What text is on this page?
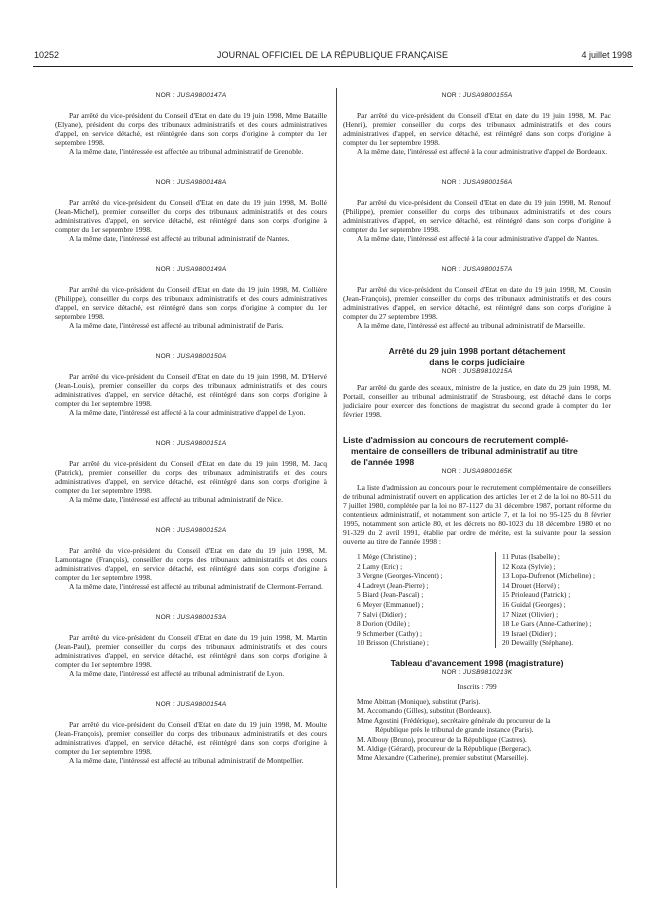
10252	JOURNAL OFFICIEL DE LA RÉPUBLIQUE FRANÇAISE	4 juillet 1998
NOR : JUSA9800147A

Par arrêté du vice-président du Conseil d'Etat en date du 19 juin 1998, Mme Bataille (Elyane), président du corps des tribunaux administratifs et des cours administratives d'appel, en service détaché, est réintégrée dans son corps d'origine à compter du 1er septembre 1998.

A la même date, l'intéressée est affectée au tribunal administratif de Grenoble.

NOR : JUSA9800148A

Par arrêté du vice-président du Conseil d'Etat en date du 19 juin 1998, M. Bollé (Jean-Michel), premier conseiller du corps des tribunaux administratifs et des cours administratives d'appel, en service détaché, est réintégré dans son corps d'origine à compter du 1er septembre 1998.

A la même date, l'intéressé est affecté au tribunal administratif de Nantes.

NOR : JUSA9800149A

Par arrêté du vice-président du Conseil d'Etat en date du 19 juin 1998, M. Collière (Philippe), conseiller du corps des tribunaux administratifs et des cours administratives d'appel, en service détaché, est réintégré dans son corps d'origine à compter du 1er septembre 1998.

A la même date, l'intéressé est affecté au tribunal administratif de Paris.

NOR : JUSA9800150A

Par arrêté du vice-président du Conseil d'Etat en date du 19 juin 1998, M. D'Hervé (Jean-Louis), premier conseiller du corps des tribunaux administratifs et des cours administratives d'appel, en service détaché, est réintégré dans son corps d'origine à compter du 1er septembre 1998.

A la même date, l'intéressé est affecté à la cour administrative d'appel de Lyon.

NOR : JUSA9800151A

Par arrêté du vice-président du Conseil d'Etat en date du 19 juin 1998, M. Jacq (Patrick), premier conseiller du corps des tribunaux administratifs et des cours administratives d'appel, en service détaché, est réintégré dans son corps d'origine à compter du 1er septembre 1998.

A la même date, l'intéressé est affecté au tribunal administratif de Nice.

NOR : JUSA9800152A

Par arrêté du vice-président du Conseil d'Etat en date du 19 juin 1998, M. Lamontagne (François), conseiller du corps des tribunaux administratifs et des cours administratives d'appel, en service détaché, est réintégré dans son corps d'origine à compter du 1er septembre 1998.

A la même date, l'intéressé est affecté au tribunal administratif de Clermont-Ferrand.

NOR : JUSA9800153A

Par arrêté du vice-président du Conseil d'Etat en date du 19 juin 1998, M. Martin (Jean-Paul), premier conseiller du corps des tribunaux administratifs et des cours administratives d'appel, en service détaché, est réintégré dans son corps d'origine à compter du 1er septembre 1998.

A la même date, l'intéressé est affecté au tribunal administratif de Lyon.

NOR : JUSA9800154A

Par arrêté du vice-président du Conseil d'Etat en date du 19 juin 1998, M. Moulte (Jean-François), premier conseiller du corps des tribunaux administratifs et des cours administratives d'appel, en service détaché, est réintégré dans son corps d'origine à compter du 1er septembre 1998.

A la même date, l'intéressé est affecté au tribunal administratif de Montpellier.

NOR : JUSA9800155A

Par arrêté du vice-président du Conseil d'Etat en date du 19 juin 1998, M. Pac (Henri), premier conseiller du corps des tribunaux administratifs et des cours administratives d'appel, en service détaché, est réintégré dans son corps d'origine à compter du 1er septembre 1998.

A la même date, l'intéressé est affecté à la cour administrative d'appel de Bordeaux.

NOR : JUSA9800156A

Par arrêté du vice-président du Conseil d'Etat en date du 19 juin 1998, M. Renouf (Philippe), premier conseiller du corps des tribunaux administratifs et des cours administratives d'appel, en service détaché, est réintégré dans son corps d'origine à compter du 1er septembre 1998.

A la même date, l'intéressé est affecté à la cour administrative d'appel de Nantes.

NOR : JUSA9800157A

Par arrêté du vice-président du Conseil d'Etat en date du 19 juin 1998, M. Cousin (Jean-François), premier conseiller du corps des tribunaux administratifs et des cours administratives d'appel, en service détaché, est réintégré dans son corps d'origine à compter du 27 septembre 1998.

A la même date, l'intéressé est affecté au tribunal administratif de Marseille.

Arrêté du 29 juin 1998 portant détachement
dans le corps judiciaire
NOR : JUSB9810215A

Par arrêté du garde des sceaux, ministre de la justice, en date du 29 juin 1998, M. Portail, conseiller au tribunal administratif de Strasbourg, est détaché dans le corps judiciaire pour exercer des fonctions de magistrat du second grade à compter du 1er février 1998.

Liste d'admission au concours de recrutement complé-
mentaire de conseillers de tribunal administratif au titre
de l'année 1998
NOR : JUSA9800165K

La liste d'admission au concours pour le recrutement complémentaire de conseillers de tribunal administratif ouvert en application des articles 1er et 2 de la loi no 80-511 du 7 juillet 1980, complétée par la loi no 87-1127 du 31 décembre 1987, portant réforme du contentieux administratif, et notamment son article 7, et la loi no 95-125 du 8 février 1995, notamment son article 80, et les décrets no 80-1023 du 18 décembre 1980 et no 91-329 du 2 avril 1991, établie par ordre de mérite, est la suivante pour la session ouverte au titre de l'année 1998 :

1 Mège (Christine) ;
2 Lamy (Eric) ;
3 Vergne (Georges-Vincent) ;
4 Ladreyt (Jean-Pierre) ;
5 Biard (Jean-Pascal) ;
6 Meyer (Emmanuel) ;
7 Salvi (Didier) ;
8 Dorion (Odile) ;
9 Schmerber (Cathy) ;
10 Brisson (Christiane) ;
11 Putas (Isabelle) ;
12 Koza (Sylvie) ;
13 Lopa-Dufrenot (Micheline) ;
14 Drouet (Hervé) ;
15 Prioleaud (Patrick) ;
16 Guidal (Georges) ;
17 Nizet (Olivier) ;
18 Le Gars (Anne-Catherine) ;
19 Israel (Didier) ;
20 Dewailly (Stéphane).
Tableau d'avancement 1998 (magistrature)
NOR : JUSB9810213K
Inscrits : 799
Mme Abittan (Monique), substitut (Paris).
M. Accomando (Gilles), substitut (Bordeaux).
Mme Agostini (Frédérique), secrétaire générale du procureur de la
République près le tribunal de grande instance (Paris).
M. Albouy (Bruno), procureur de la République (Castres).
M. Aldige (Gérard), procureur de la République (Bergerac).
Mme Alexandre (Catherine), premier substitut (Marseille).
